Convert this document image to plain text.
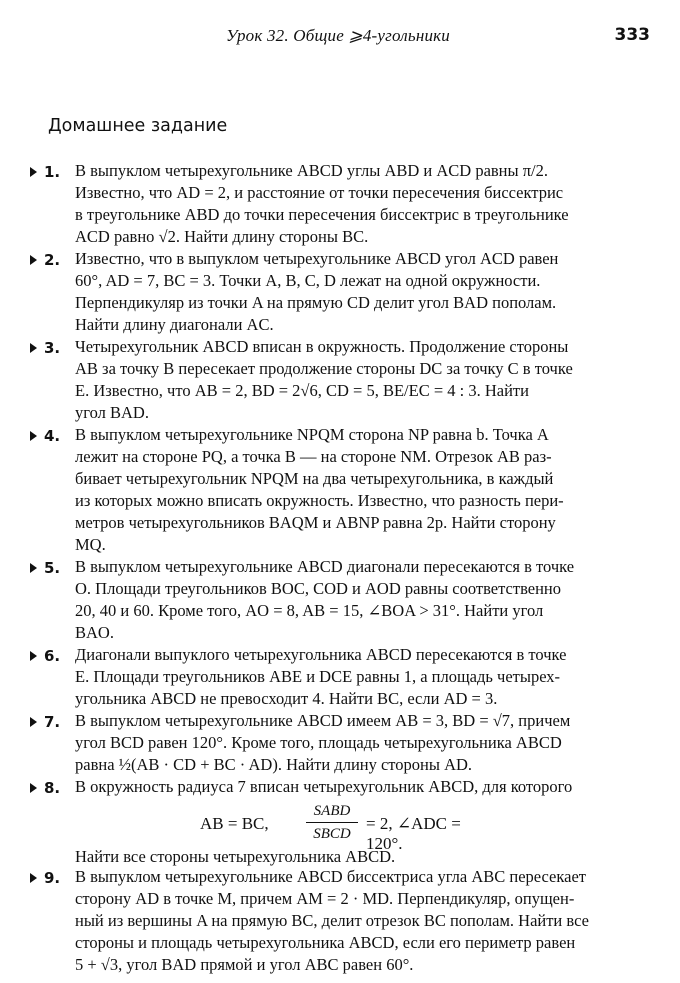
Урок 32. Общие ⩾4-угольники	333
Домашнее задание
1. В выпуклом четырехугольнике ABCD углы ABD и ACD равны π/2.
Известно, что AD = 2, и расстояние от точки пересечения биссектрис
в треугольнике ABD до точки пересечения биссектрис в треугольнике
ACD равно √2. Найти длину стороны BC.
2. Известно, что в выпуклом четырехугольнике ABCD угол ACD равен
60°, AD = 7, BC = 3. Точки A, B, C, D лежат на одной окружности.
Перпендикуляр из точки A на прямую CD делит угол BAD пополам.
Найти длину диагонали AC.
3. Четырехугольник ABCD вписан в окружность. Продолжение стороны
AB за точку B пересекает продолжение стороны DC за точку C в точке
E. Известно, что AB = 2, BD = 2√6, CD = 5, BE/EC = 4 : 3. Найти
угол BAD.
4. В выпуклом четырехугольнике NPQM сторона NP равна b. Точка A
лежит на стороне PQ, а точка B — на стороне NM. Отрезок AB раз-
бивает четырехугольник NPQM на два четырехугольника, в каждый
из которых можно вписать окружность. Известно, что разность пери-
метров четырехугольников BAQM и ABNP равна 2p. Найти сторону
MQ.
5. В выпуклом четырехугольнике ABCD диагонали пересекаются в точке
O. Площади треугольников BOC, COD и AOD равны соответственно
20, 40 и 60. Кроме того, AO = 8, AB = 15, ∠BOA > 31°. Найти угол
BAO.
6. Диагонали выпуклого четырехугольника ABCD пересекаются в точке
E. Площади треугольников ABE и DCE равны 1, а площадь четырех-
угольника ABCD не превосходит 4. Найти BC, если AD = 3.
7. В выпуклом четырехугольнике ABCD имеем AB = 3, BD = √7, причем
угол BCD равен 120°. Кроме того, площадь четырехугольника ABCD
равна ½(AB · CD + BC · AD). Найти длину стороны AD.
8. В окружность радиуса 7 вписан четырехугольник ABCD, для которого
Найти все стороны четырехугольника ABCD.
AB = BC,
SABD
SBCD
= 2, ∠ADC = 120°.
9. В выпуклом четырехугольнике ABCD биссектриса угла ABC пересекает
сторону AD в точке M, причем AM = 2 · MD. Перпендикуляр, опущен-
ный из вершины A на прямую BC, делит отрезок BC пополам. Найти все
стороны и площадь четырехугольника ABCD, если его периметр равен
5 + √3, угол BAD прямой и угол ABC равен 60°.
